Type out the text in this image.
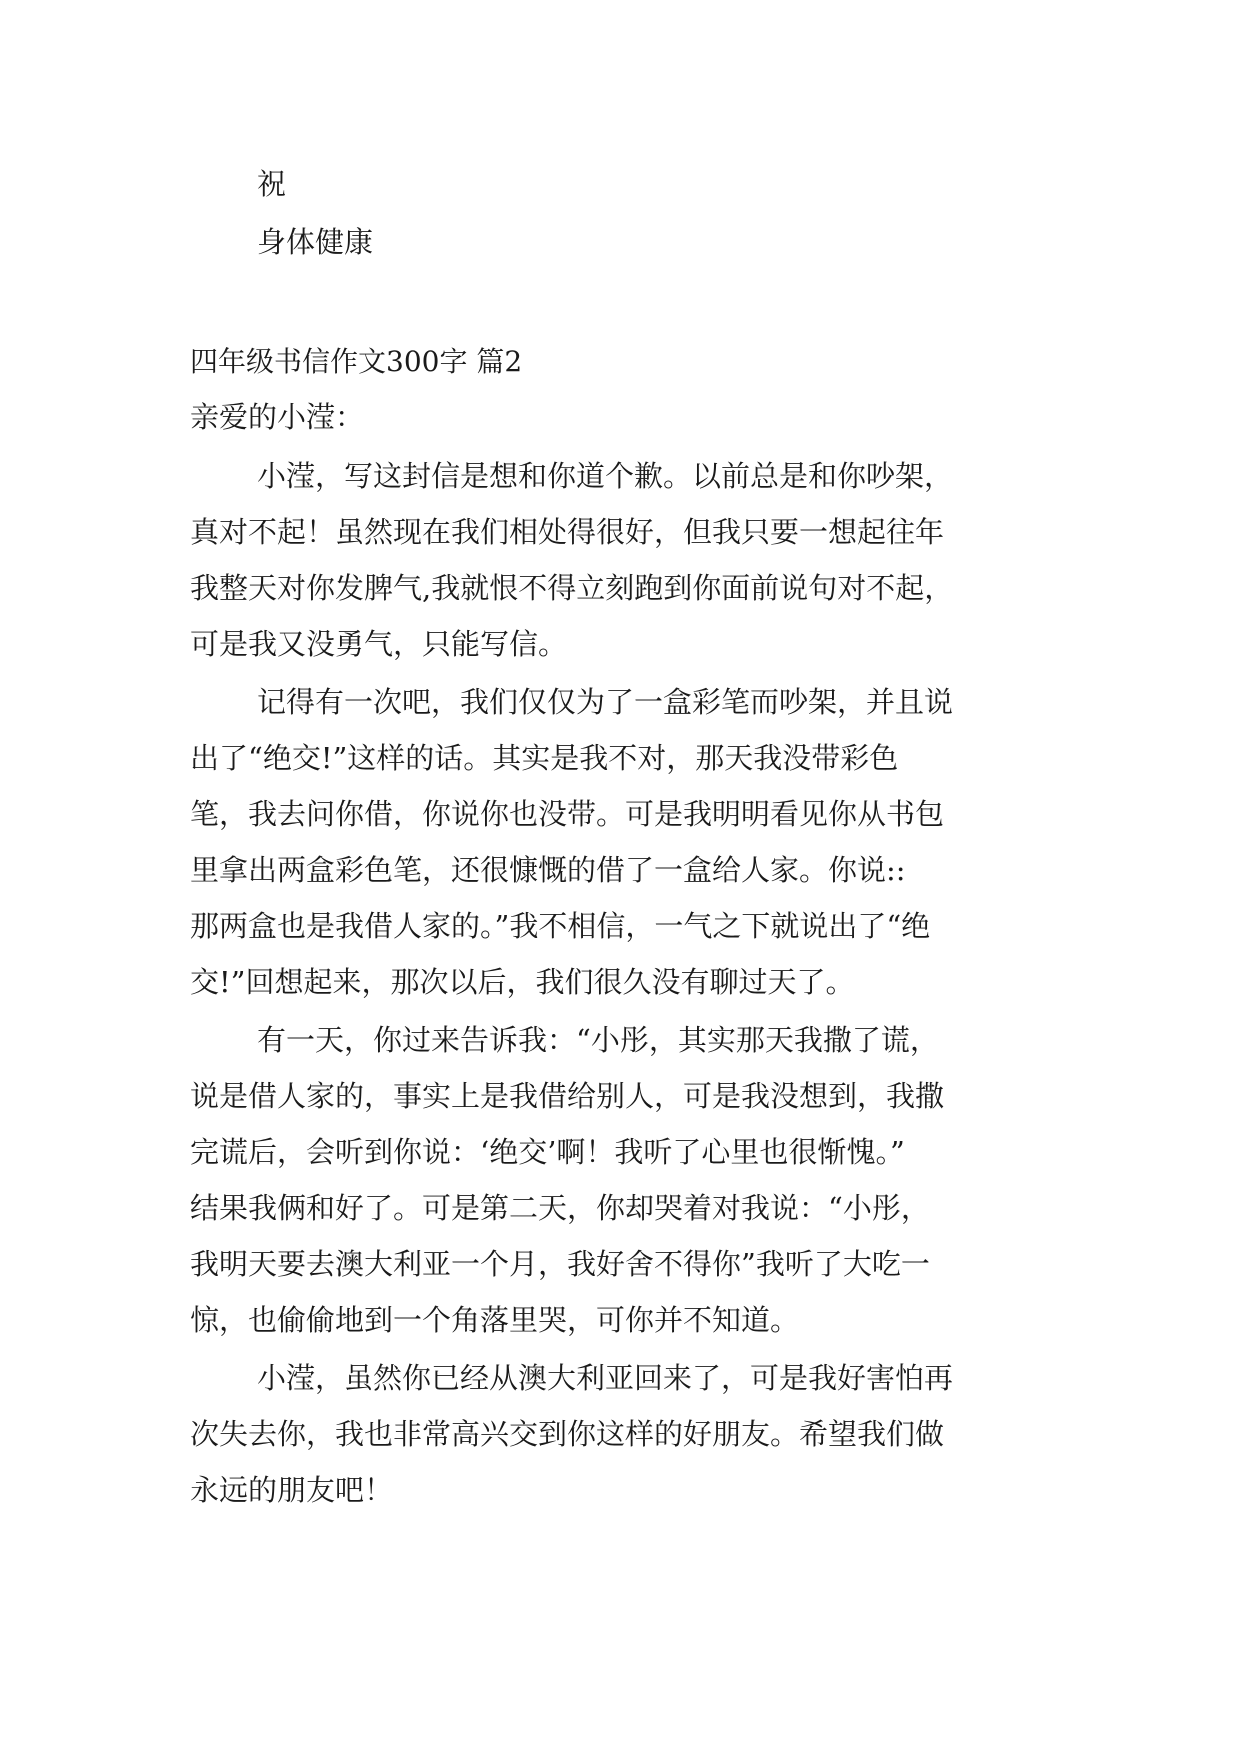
祝
身体健康
四年级书信作文300字 篇2
亲爱的小滢：
小滢，写这封信是想和你道个歉。以前总是和你吵架，
真对不起！虽然现在我们相处得很好，但我只要一想起往年
我整天对你发脾气,我就恨不得立刻跑到你面前说句对不起，
可是我又没勇气，只能写信。
记得有一次吧，我们仅仅为了一盒彩笔而吵架，并且说
出了“绝交!”这样的话。其实是我不对，那天我没带彩色
笔，我去问你借，你说你也没带。可是我明明看见你从书包
里拿出两盒彩色笔，还很慷慨的借了一盒给人家。你说::
那两盒也是我借人家的。”我不相信，一气之下就说出了“绝
交!”回想起来，那次以后，我们很久没有聊过天了。
有一天，你过来告诉我：“小彤，其实那天我撒了谎，
说是借人家的，事实上是我借给别人，可是我没想到，我撒
完谎后，会听到你说：‘绝交’啊！我听了心里也很惭愧。”
结果我俩和好了。可是第二天，你却哭着对我说：“小彤，
我明天要去澳大利亚一个月，我好舍不得你”我听了大吃一
惊，也偷偷地到一个角落里哭，可你并不知道。
小滢，虽然你已经从澳大利亚回来了，可是我好害怕再
次失去你，我也非常高兴交到你这样的好朋友。希望我们做
永远的朋友吧！
